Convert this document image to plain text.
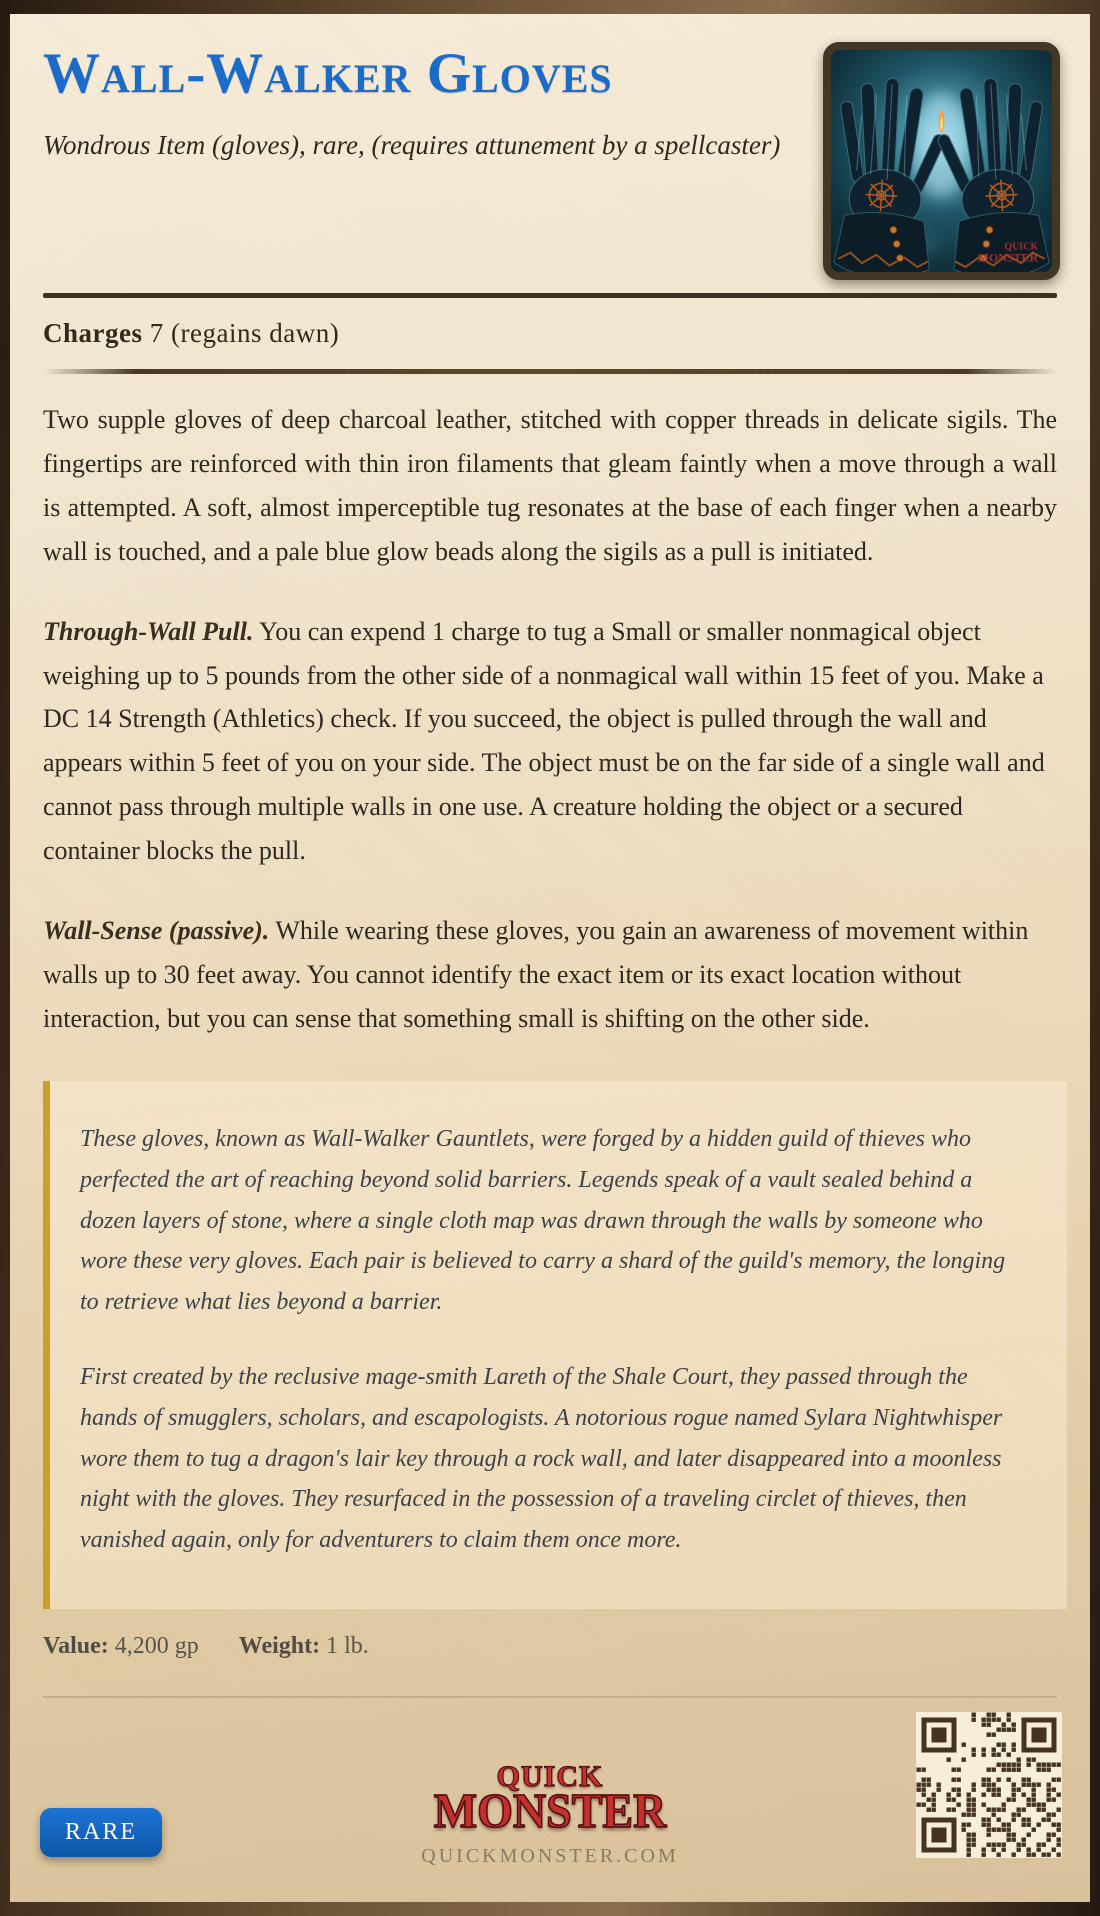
Wall-Walker Gloves

Wondrous Item (gloves), rare, (requires attunement by a spellcaster)

QUICK
MONSTER

Charges 7 (regains dawn)

Two supple gloves of deep charcoal leather, stitched with copper threads in delicate sigils. The fingertips are reinforced with thin iron filaments that gleam faintly when a move through a wall is attempted. A soft, almost imperceptible tug resonates at the base of each finger when a nearby wall is touched, and a pale blue glow beads along the sigils as a pull is initiated.

Through-Wall Pull. You can expend 1 charge to tug a Small or smaller nonmagical object weighing up to 5 pounds from the other side of a nonmagical wall within 15 feet of you. Make a DC 14 Strength (Athletics) check. If you succeed, the object is pulled through the wall and appears within 5 feet of you on your side. The object must be on the far side of a single wall and cannot pass through multiple walls in one use. A creature holding the object or a secured container blocks the pull.

Wall-Sense (passive). While wearing these gloves, you gain an awareness of movement within walls up to 30 feet away. You cannot identify the exact item or its exact location without interaction, but you can sense that something small is shifting on the other side.

These gloves, known as Wall-Walker Gauntlets, were forged by a hidden guild of thieves who perfected the art of reaching beyond solid barriers. Legends speak of a vault sealed behind a dozen layers of stone, where a single cloth map was drawn through the walls by someone who wore these very gloves. Each pair is believed to carry a shard of the guild's memory, the longing to retrieve what lies beyond a barrier.

First created by the reclusive mage-smith Lareth of the Shale Court, they passed through the hands of smugglers, scholars, and escapologists. A notorious rogue named Sylara Nightwhisper wore them to tug a dragon's lair key through a rock wall, and later disappeared into a moonless night with the gloves. They resurfaced in the possession of a traveling circlet of thieves, then vanished again, only for adventurers to claim them once more.

Value: 4,200 gp Weight: 1 lb.

QUICK
MONSTER
QUICKMONSTER.COM
RARE
